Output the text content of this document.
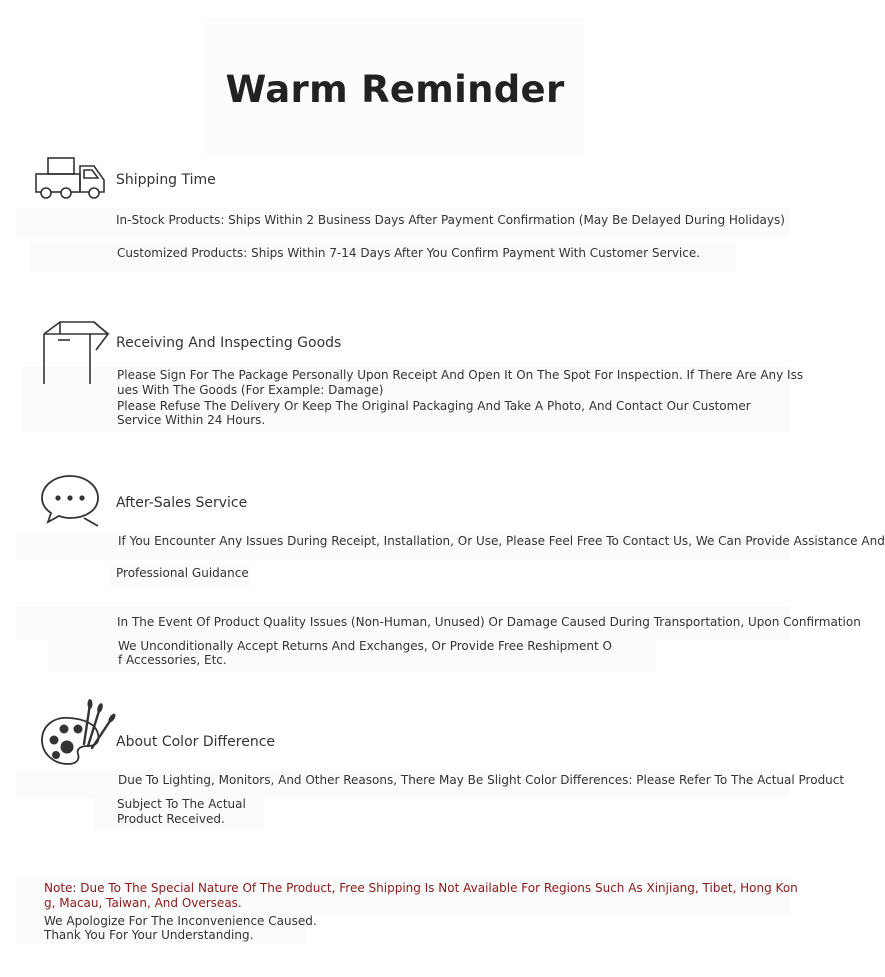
Warm Reminder
Shipping Time
In-Stock Products: Ships Within 2 Business Days After Payment Confirmation (May Be Delayed During Holidays)
Customized Products: Ships Within 7-14 Days After You Confirm Payment With Customer Service.
Receiving And Inspecting Goods
Please Sign For The Package Personally Upon Receipt And Open It On The Spot For Inspection. If There Are Any Iss
ues With The Goods (For Example: Damage)
Please Refuse The Delivery Or Keep The Original Packaging And Take A Photo, And Contact Our Customer
Service Within 24 Hours.
After-Sales Service
If You Encounter Any Issues During Receipt, Installation, Or Use, Please Feel Free To Contact Us, We Can Provide Assistance And
Professional Guidance
In The Event Of Product Quality Issues (Non-Human, Unused) Or Damage Caused During Transportation, Upon Confirmation
We Unconditionally Accept Returns And Exchanges, Or Provide Free Reshipment O
f Accessories, Etc.
About Color Difference
Due To Lighting, Monitors, And Other Reasons, There May Be Slight Color Differences: Please Refer To The Actual Product
Subject To The Actual
Product Received.
Note: Due To The Special Nature Of The Product, Free Shipping Is Not Available For Regions Such As Xinjiang, Tibet, Hong Kon
g, Macau, Taiwan, And Overseas.
We Apologize For The Inconvenience Caused.
Thank You For Your Understanding.
